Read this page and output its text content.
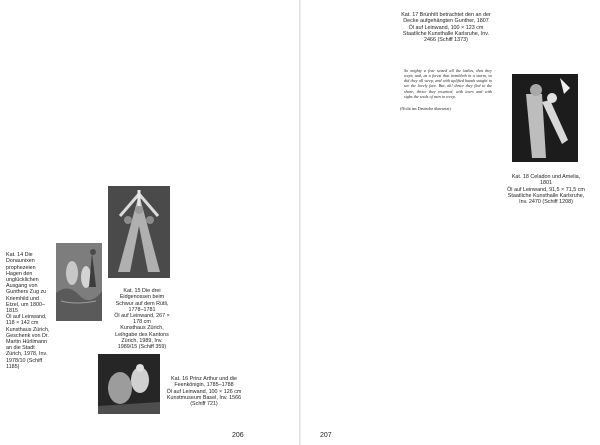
Kat. 14 Die Donaunixen prophezeien Hagen den unglücklichen Ausgang von Gunthers Zug zu Kriemhild und Etzel, um 1800–1815
Öl auf Leinwand, 118 × 142 cm
Kunsthaus Zürich, Geschenk von Dr. Martin Hürlimann an die Stadt Zürich, 1978, Inv. 1978/10 (Schiff 1185)

Kat. 15 Die drei Eidgenossen beim Schwur auf dem Rütli, 1778–1781
Öl auf Leinwand, 267 × 178 cm
Kunsthaus Zürich, Leihgabe des Kantons Zürich, 1989, Inv. 1989/15 (Schiff 359)

Kat. 16 Prinz Arthur und die Feenkönigin, 1785–1788
Öl auf Leinwand, 100 × 126 cm
Kunstmuseum Basel, Inv. 1566 (Schiff 721)

206

Kat. 17 Brünhilt betrachtet den an der Decke aufgehängten Gunther, 1807
Öl auf Leinwand, 100 × 123 cm
Staatliche Kunsthalle Karlsruhe, Inv. 2466 (Schiff 1373)

So mighty a fear seized all the ladies, that they wept; and, as a forest that trembleth in a storm, so did they all weep, and with uplifted hands sought to see the lovely face. But, ah! thrice they fled to the shore, thrice they returned, with tears and with sighs the souls of men to weep.

(Nicht ins Deutsche übersetzt)

Kat. 18 Celadon und Amelia, 1801
Öl auf Leinwand, 91,5 × 71,5 cm
Staatliche Kunsthalle Karlsruhe, Inv. 2470 (Schiff 1208)

207
